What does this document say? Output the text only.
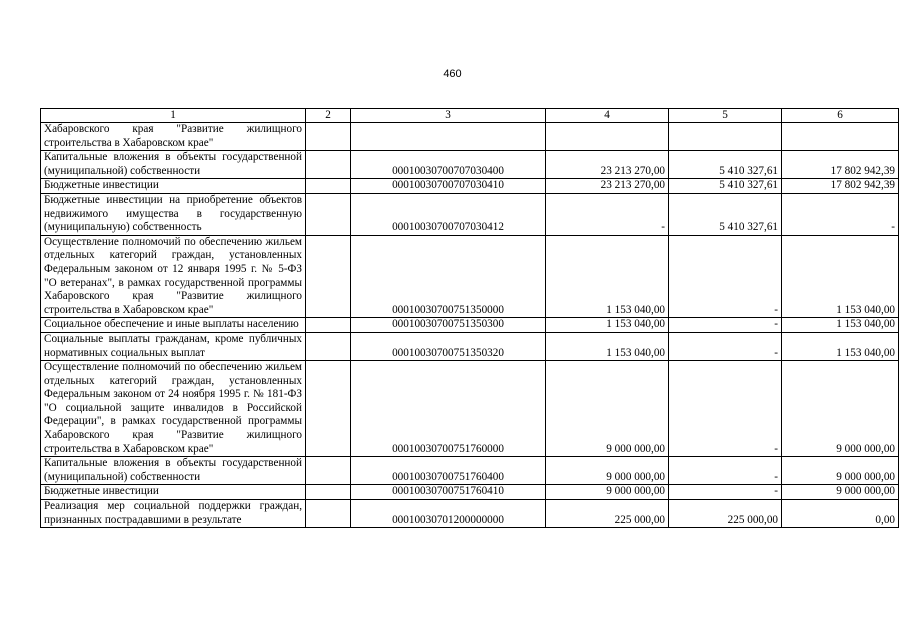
460
1	2	3	4	5	6
Хабаровского края "Развитие жилищного строительства в Хабаровском крае"					
Капитальные вложения в объекты государственной (муниципальной) собственности		00010030700707030400	23 213 270,00	5 410 327,61	17 802 942,39
Бюджетные инвестиции		00010030700707030410	23 213 270,00	5 410 327,61	17 802 942,39
Бюджетные инвестиции на приобретение объектов недвижимого имущества в государственную (муниципальную) собственность		00010030700707030412	-	5 410 327,61	-
Осуществление полномочий по обеспечению жильем отдельных категорий граждан, установленных Федеральным законом от 12 января 1995 г. № 5-ФЗ "О ветеранах", в рамках государственной программы Хабаровского края "Развитие жилищного строительства в Хабаровском крае"		00010030700751350000	1 153 040,00	-	1 153 040,00
Социальное обеспечение и иные выплаты населению		00010030700751350300	1 153 040,00	-	1 153 040,00
Социальные выплаты гражданам, кроме публичных нормативных социальных выплат		00010030700751350320	1 153 040,00	-	1 153 040,00
Осуществление полномочий по обеспечению жильем отдельных категорий граждан, установленных Федеральным законом от 24 ноября 1995 г. № 181-ФЗ "О социальной защите инвалидов в Российской Федерации", в рамках государственной программы Хабаровского края "Развитие жилищного строительства в Хабаровском крае"		00010030700751760000	9 000 000,00	-	9 000 000,00
Капитальные вложения в объекты государственной (муниципальной) собственности		00010030700751760400	9 000 000,00	-	9 000 000,00
Бюджетные инвестиции		00010030700751760410	9 000 000,00	-	9 000 000,00
Реализация мер социальной поддержки граждан, признанных пострадавшими в результате		00010030701200000000	225 000,00	225 000,00	0,00
